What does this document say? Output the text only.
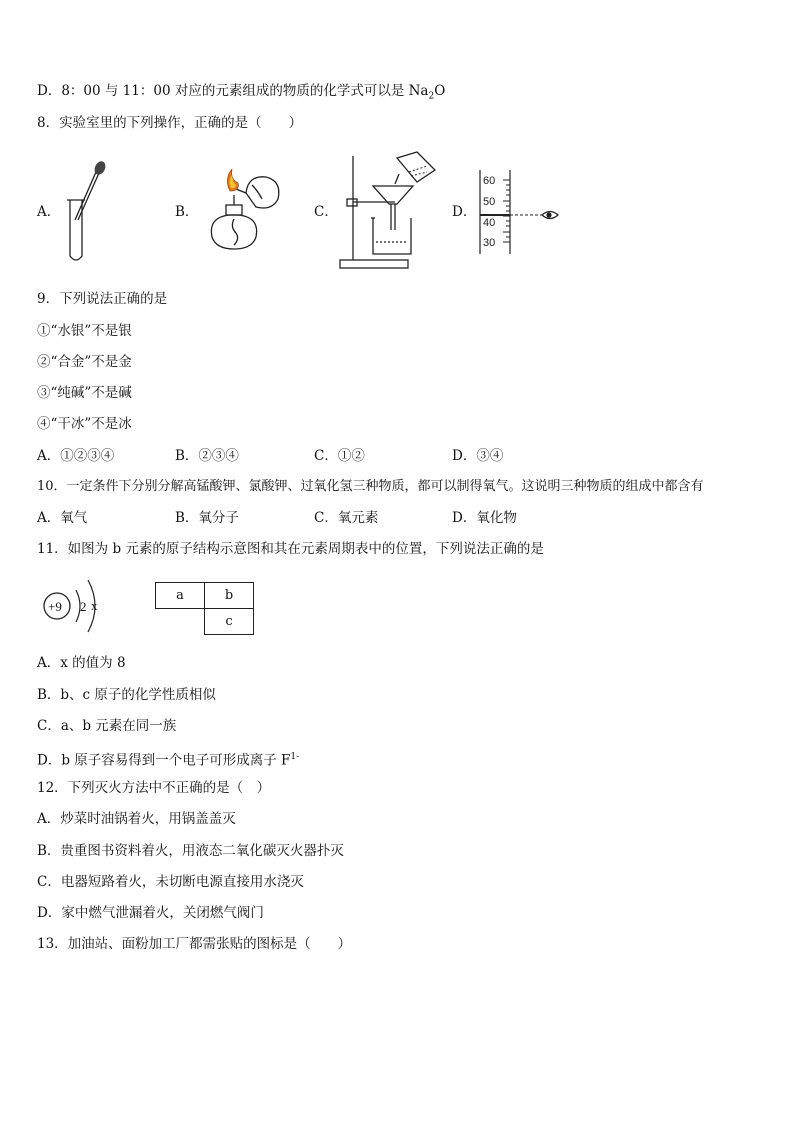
D．8：00 与 11：00 对应的元素组成的物质的化学式可以是 $Na_2O$
8．实验室里的下列操作，正确的是（　　）
A．	B．	C．	D．
60
50
40
30
9．下列说法正确的是
①“水银”不是银
②“合金”不是金
③“纯碱”不是碱
④“干冰”不是冰
A．①②③④	B．②③④	C．①②	D．③④
10．一定条件下分别分解高锰酸钾、氯酸钾、过氧化氢三种物质，都可以制得氧气。这说明三种物质的组成中都含有
A．氧气	B．氧分子	C．氧元素	D．氧化物
11．如图为 b 元素的原子结构示意图和其在元素周期表中的位置，下列说法正确的是
+9 2 x
a	b
	c
A．x 的值为 8
B．b、c 原子的化学性质相似
C．a、b 元素在同一族
D．b 原子容易得到一个电子可形成离子 $F^{1-}$
12．下列灭火方法中不正确的是（　）
A．炒菜时油锅着火，用锅盖盖灭
B．贵重图书资料着火，用液态二氧化碳灭火器扑灭
C．电器短路着火，未切断电源直接用水浇灭
D．家中燃气泄漏着火，关闭燃气阀门
13．加油站、面粉加工厂都需张贴的图标是（　　）
